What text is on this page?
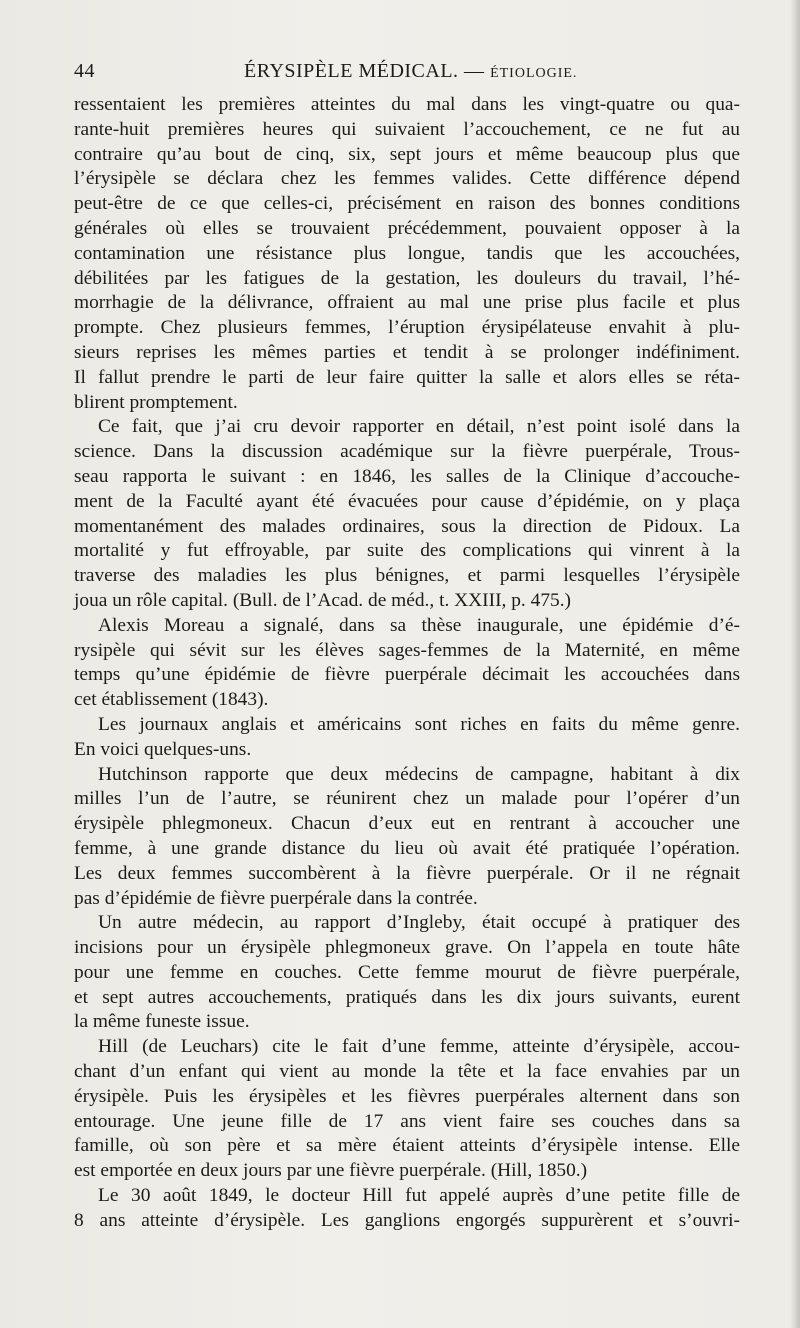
44	ÉRYSIPÈLE MÉDICAL. — ÉTIOLOGIE.

ressentaient les premières atteintes du mal dans les vingt-quatre ou qua-

rante-huit premières heures qui suivaient l’accouchement, ce ne fut au

contraire qu’au bout de cinq, six, sept jours et même beaucoup plus que

l’érysipèle se déclara chez les femmes valides. Cette différence dépend

peut-être de ce que celles-ci, précisément en raison des bonnes conditions

générales où elles se trouvaient précédemment, pouvaient opposer à la

contamination une résistance plus longue, tandis que les accouchées,

débilitées par les fatigues de la gestation, les douleurs du travail, l’hé-

morrhagie de la délivrance, offraient au mal une prise plus facile et plus

prompte. Chez plusieurs femmes, l’éruption érysipélateuse envahit à plu-

sieurs reprises les mêmes parties et tendit à se prolonger indéfiniment.

Il fallut prendre le parti de leur faire quitter la salle et alors elles se réta-

blirent promptement.

Ce fait, que j’ai cru devoir rapporter en détail, n’est point isolé dans la

science. Dans la discussion académique sur la fièvre puerpérale, Trous-

seau rapporta le suivant : en 1846, les salles de la Clinique d’accouche-

ment de la Faculté ayant été évacuées pour cause d’épidémie, on y plaça

momentanément des malades ordinaires, sous la direction de Pidoux. La

mortalité y fut effroyable, par suite des complications qui vinrent à la

traverse des maladies les plus bénignes, et parmi lesquelles l’érysipèle

joua un rôle capital. (Bull. de l’Acad. de méd., t. XXIII, p. 475.)

Alexis Moreau a signalé, dans sa thèse inaugurale, une épidémie d’é-

rysipèle qui sévit sur les élèves sages-femmes de la Maternité, en même

temps qu’une épidémie de fièvre puerpérale décimait les accouchées dans

cet établissement (1843).

Les journaux anglais et américains sont riches en faits du même genre.

En voici quelques-uns.

Hutchinson rapporte que deux médecins de campagne, habitant à dix

milles l’un de l’autre, se réunirent chez un malade pour l’opérer d’un

érysipèle phlegmoneux. Chacun d’eux eut en rentrant à accoucher une

femme, à une grande distance du lieu où avait été pratiquée l’opération.

Les deux femmes succombèrent à la fièvre puerpérale. Or il ne régnait

pas d’épidémie de fièvre puerpérale dans la contrée.

Un autre médecin, au rapport d’Ingleby, était occupé à pratiquer des

incisions pour un érysipèle phlegmoneux grave. On l’appela en toute hâte

pour une femme en couches. Cette femme mourut de fièvre puerpérale,

et sept autres accouchements, pratiqués dans les dix jours suivants, eurent

la même funeste issue.

Hill (de Leuchars) cite le fait d’une femme, atteinte d’érysipèle, accou-

chant d’un enfant qui vient au monde la tête et la face envahies par un

érysipèle. Puis les érysipèles et les fièvres puerpérales alternent dans son

entourage. Une jeune fille de 17 ans vient faire ses couches dans sa

famille, où son père et sa mère étaient atteints d’érysipèle intense. Elle

est emportée en deux jours par une fièvre puerpérale. (Hill, 1850.)

Le 30 août 1849, le docteur Hill fut appelé auprès d’une petite fille de

8 ans atteinte d’érysipèle. Les ganglions engorgés suppurèrent et s’ouvri-
